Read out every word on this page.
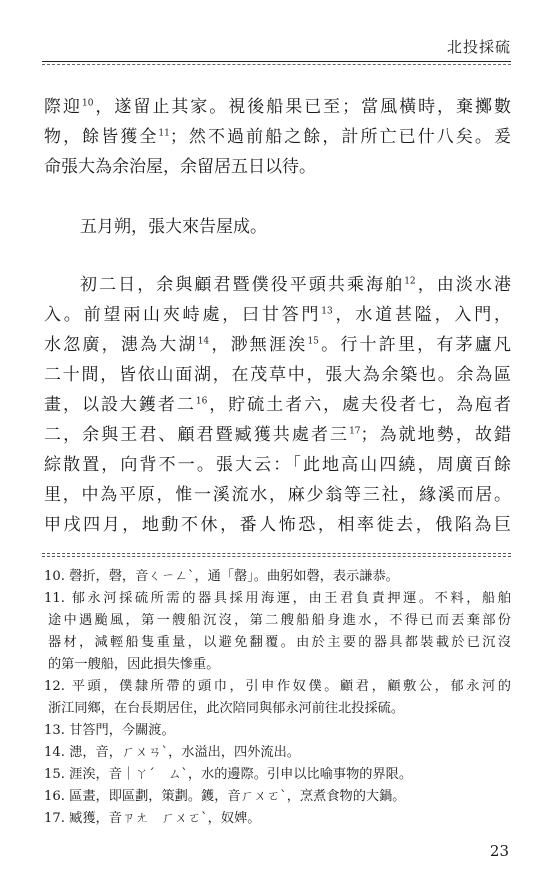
北投採硫
際迎$^{10}$，遂留止其家。視後船果已至；當風橫時，棄擲數
物，餘皆獲全$^{11}$；然不過前船之餘，計所亡已什八矣。爰
命張大為余治屋，余留居五日以待。
五月朔，張大來告屋成。
初二日，余與顧君暨僕役平頭共乘海舶$^{12}$，由淡水港
入。前望兩山夾峙處，曰甘答門$^{13}$，水道甚隘，入門，
水忽廣，漶為大湖$^{14}$，渺無涯涘$^{15}$。行十許里，有茅廬凡
二十間，皆依山面湖，在茂草中，張大為余築也。余為區
畫，以設大鑊者二$^{16}$，貯硫土者六，處夫役者七，為庖者
二，余與王君、顧君暨臧獲共處者三$^{17}$；為就地勢，故錯
綜散置，向背不一。張大云：「此地高山四繞，周廣百餘
里，中為平原，惟一溪流水，麻少翁等三社，緣溪而居。
甲戌四月，地動不休，番人怖恐，相率徙去，俄陷為巨
10. 磬折，磬，音ㄑㄧㄥˋ，通「罄」。曲躬如磬，表示謙恭。
11. 郁永河採硫所需的器具採用海運，由王君負責押運。不料，船舶
途中遇颱風，第一艘船沉沒，第二艘船船身進水，不得已而丟棄部份
器材，減輕船隻重量，以避免翻覆。由於主要的器具都裝載於已沉沒
的第一艘船，因此損失慘重。
12. 平頭，僕隸所帶的頭巾，引申作奴僕。顧君，顧敷公，郁永河的
浙江同鄉，在台長期居住，此次陪同與郁永河前往北投採硫。
13. 甘答門，今關渡。
14. 漶，音，ㄏㄨㄢˋ，水溢出，四外流出。
15. 涯涘，音｜ㄚˊ　ㄙˋ，水的邊際。引申以比喻事物的界限。
16. 區畫，即區劃，策劃。鑊，音ㄏㄨㄛˋ，烹煮食物的大鍋。
17. 臧獲，音ㄗㄤ　ㄏㄨㄛˋ，奴婢。
23
